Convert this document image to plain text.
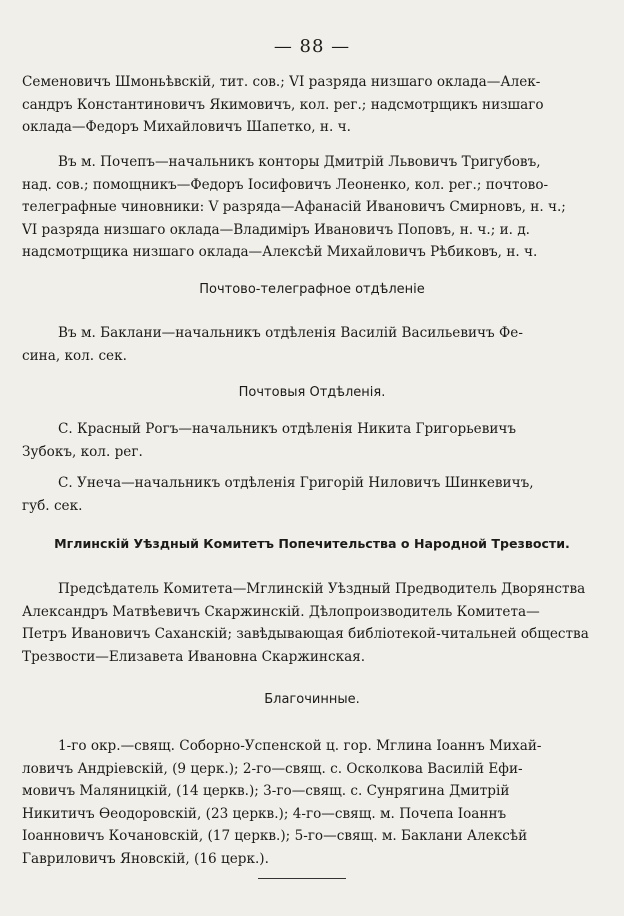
— 88 —
Семеновичъ Шмоньѣвскій, тит. сов.; VI разряда низшаго оклада—Алек-
сандръ Константиновичъ Якимовичъ, кол. рег.; надсмотрщикъ низшаго
оклада—Федоръ Михайловичъ Шапетко, н. ч.
Въ м. Почепъ—начальникъ конторы Дмитрій Львовичъ Тригубовъ,
над. сов.; помощникъ—Федоръ Іосифовичъ Леоненко, кол. рег.; почтово-
телеграфные чиновники: V разряда—Афанасій Ивановичъ Смирновъ, н. ч.;
VI разряда низшаго оклада—Владиміръ Ивановичъ Поповъ, н. ч.; и. д.
надсмотрщика низшаго оклада—Алексѣй Михайловичъ Рѣбиковъ, н. ч.
Почтово-телеграфное отдѣленіе
Въ м. Баклани—начальникъ отдѣленія Василій Васильевичъ Фе-
сина, кол. сек.
Почтовыя Отдѣленія.
С. Красный Рогъ—начальникъ отдѣленія Никита Григорьевичъ
Зубокъ, кол. рег.
С. Унеча—начальникъ отдѣленія Григорій Ниловичъ Шинкевичъ,
губ. сек.
Мглинскій Уѣздный Комитетъ Попечительства о Народной Трезвости.
Предсѣдатель Комитета—Мглинскій Уѣздный Предводитель Дворянства
Александръ Матвѣевичъ Скаржинскій. Дѣлопроизводитель Комитета—
Петръ Ивановичъ Саханскій; завѣдывающая библіотекой-читальней общества
Трезвости—Елизавета Ивановна Скаржинская.
Благочинные.
1-го окр.—свящ. Соборно-Успенской ц. гор. Мглина Іоаннъ Михай-
ловичъ Андріевскій, (9 церк.); 2-го—свящ. с. Осколкова Василій Ефи-
мовичъ Маляницкій, (14 церкв.); 3-го—свящ. с. Сунрягина Дмитрій
Никитичъ Ѳеодоровскій, (23 церкв.); 4-го—свящ. м. Почепа Іоаннъ
Іоанновичъ Кочановскій, (17 церкв.); 5-го—свящ. м. Баклани Алексѣй
Гавриловичъ Яновскій, (16 церк.).
